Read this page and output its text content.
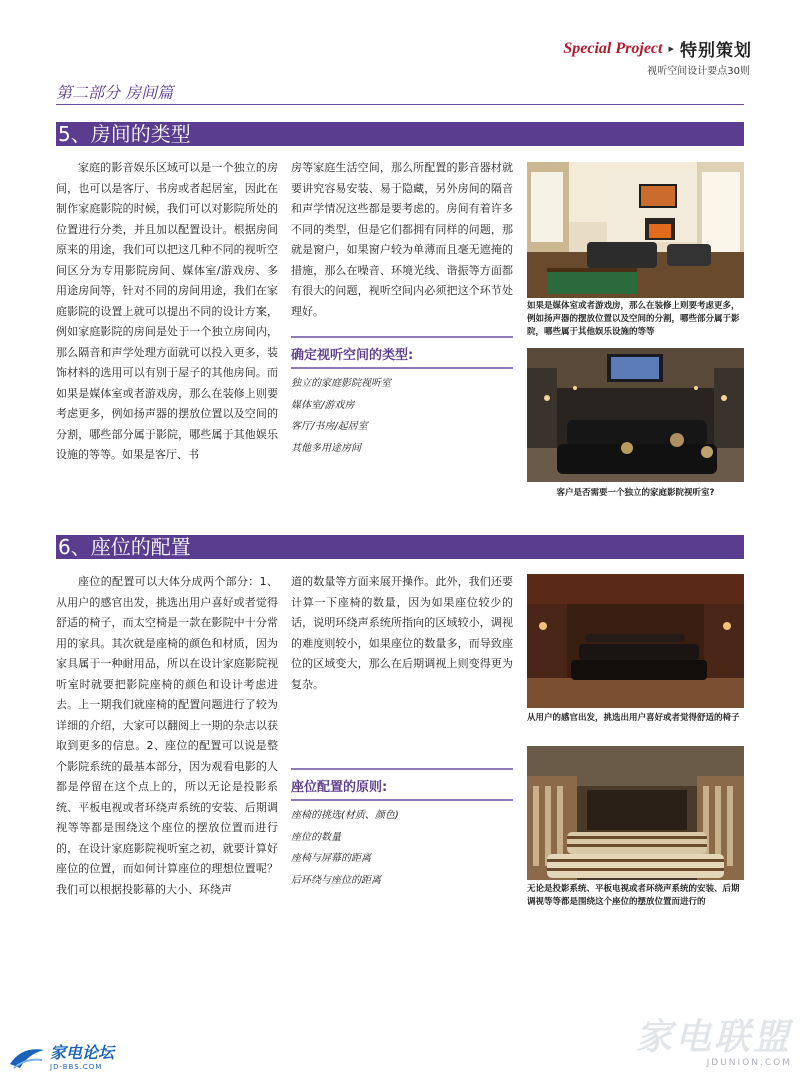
Special Project ▸ 特别策划
视听空间设计要点30则
第二部分 房间篇
5、房间的类型

家庭的影音娱乐区域可以是一个独立的房间，也可以是客厅、书房或者起居室，因此在制作家庭影院的时候，我们可以对影院所处的位置进行分类，并且加以配置设计。根据房间原来的用途，我们可以把这几种不同的视听空间区分为专用影院房间、媒体室/游戏房、多用途房间等，针对不同的房间用途，我们在家庭影院的设置上就可以提出不同的设计方案，例如家庭影院的房间是处于一个独立房间内，那么隔音和声学处理方面就可以投入更多，装饰材料的选用可以有别于屋子的其他房间。而如果是媒体室或者游戏房，那么在装修上则要考虑更多，例如扬声器的摆放位置以及空间的分割，哪些部分属于影院，哪些属于其他娱乐设施的等等。如果是客厅、书

房等家庭生活空间，那么所配置的影音器材就要讲究容易安装、易于隐藏，另外房间的隔音和声学情况这些都是要考虑的。房间有着许多不同的类型，但是它们都拥有同样的问题，那就是窗户，如果窗户较为单薄而且毫无遮掩的措施，那么在噪音、环境光线、谐振等方面都有很大的问题，视听空间内必须把这个环节处理好。

确定视听空间的类型:
独立的家庭影院视听室
媒体室/游戏房
客厅/书房/起居室
其他多用途房间
如果是媒体室或者游戏房，那么在装修上则要考虑更多，例如扬声器的摆放位置以及空间的分割，哪些部分属于影院，哪些属于其他娱乐设施的等等
客户是否需要一个独立的家庭影院视听室?
6、座位的配置

座位的配置可以大体分成两个部分：1、从用户的感官出发，挑选出用户喜好或者觉得舒适的椅子，而太空椅是一款在影院中十分常用的家具。其次就是座椅的颜色和材质，因为家具属于一种耐用品，所以在设计家庭影院视听室时就要把影院座椅的颜色和设计考虑进去。上一期我们就座椅的配置问题进行了较为详细的介绍，大家可以翻阅上一期的杂志以获取到更多的信息。2、座位的配置可以说是整个影院系统的最基本部分，因为观看电影的人都是停留在这个点上的，所以无论是投影系统、平板电视或者环绕声系统的安装、后期调视等等都是围绕这个座位的摆放位置而进行的，在设计家庭影院视听室之初，就要计算好座位的位置，而如何计算座位的理想位置呢？我们可以根据投影幕的大小、环绕声

道的数量等方面来展开操作。此外，我们还要计算一下座椅的数量，因为如果座位较少的话，说明环绕声系统所指向的区域较小，调视的难度则较小，如果座位的数量多，而导致座位的区域变大，那么在后期调视上则变得更为复杂。

座位配置的原则:
座椅的挑选(材质、颜色)
座位的数量
座椅与屏幕的距离
后环绕与座位的距离
从用户的感官出发，挑选出用户喜好或者觉得舒适的椅子
无论是投影系统、平板电视或者环绕声系统的安装、后期调视等等都是围绕这个座位的摆放位置而进行的
家电论坛
JD-BBS.COM
家电联盟
JDUNION.COM
